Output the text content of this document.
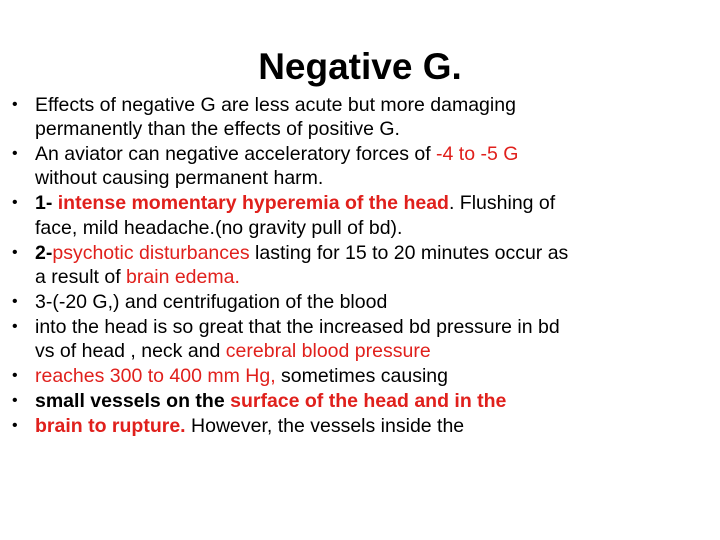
Negative G.
• Effects of negative G are less acute but more damaging
permanently than the effects of positive G.
• An aviator can negative acceleratory forces of -4 to -5 G
without causing permanent harm.
• 1- intense momentary hyperemia of the head. Flushing of
face, mild headache.(no gravity pull of bd).
• 2-psychotic disturbances lasting for 15 to 20 minutes occur as
a result of brain edema.
• 3-(-20 G,) and centrifugation of the blood
• into the head is so great that the increased bd pressure in bd
vs of head , neck and cerebral blood pressure
• reaches 300 to 400 mm Hg, sometimes causing
• small vessels on the surface of the head and in the
• brain to rupture. However, the vessels inside the
